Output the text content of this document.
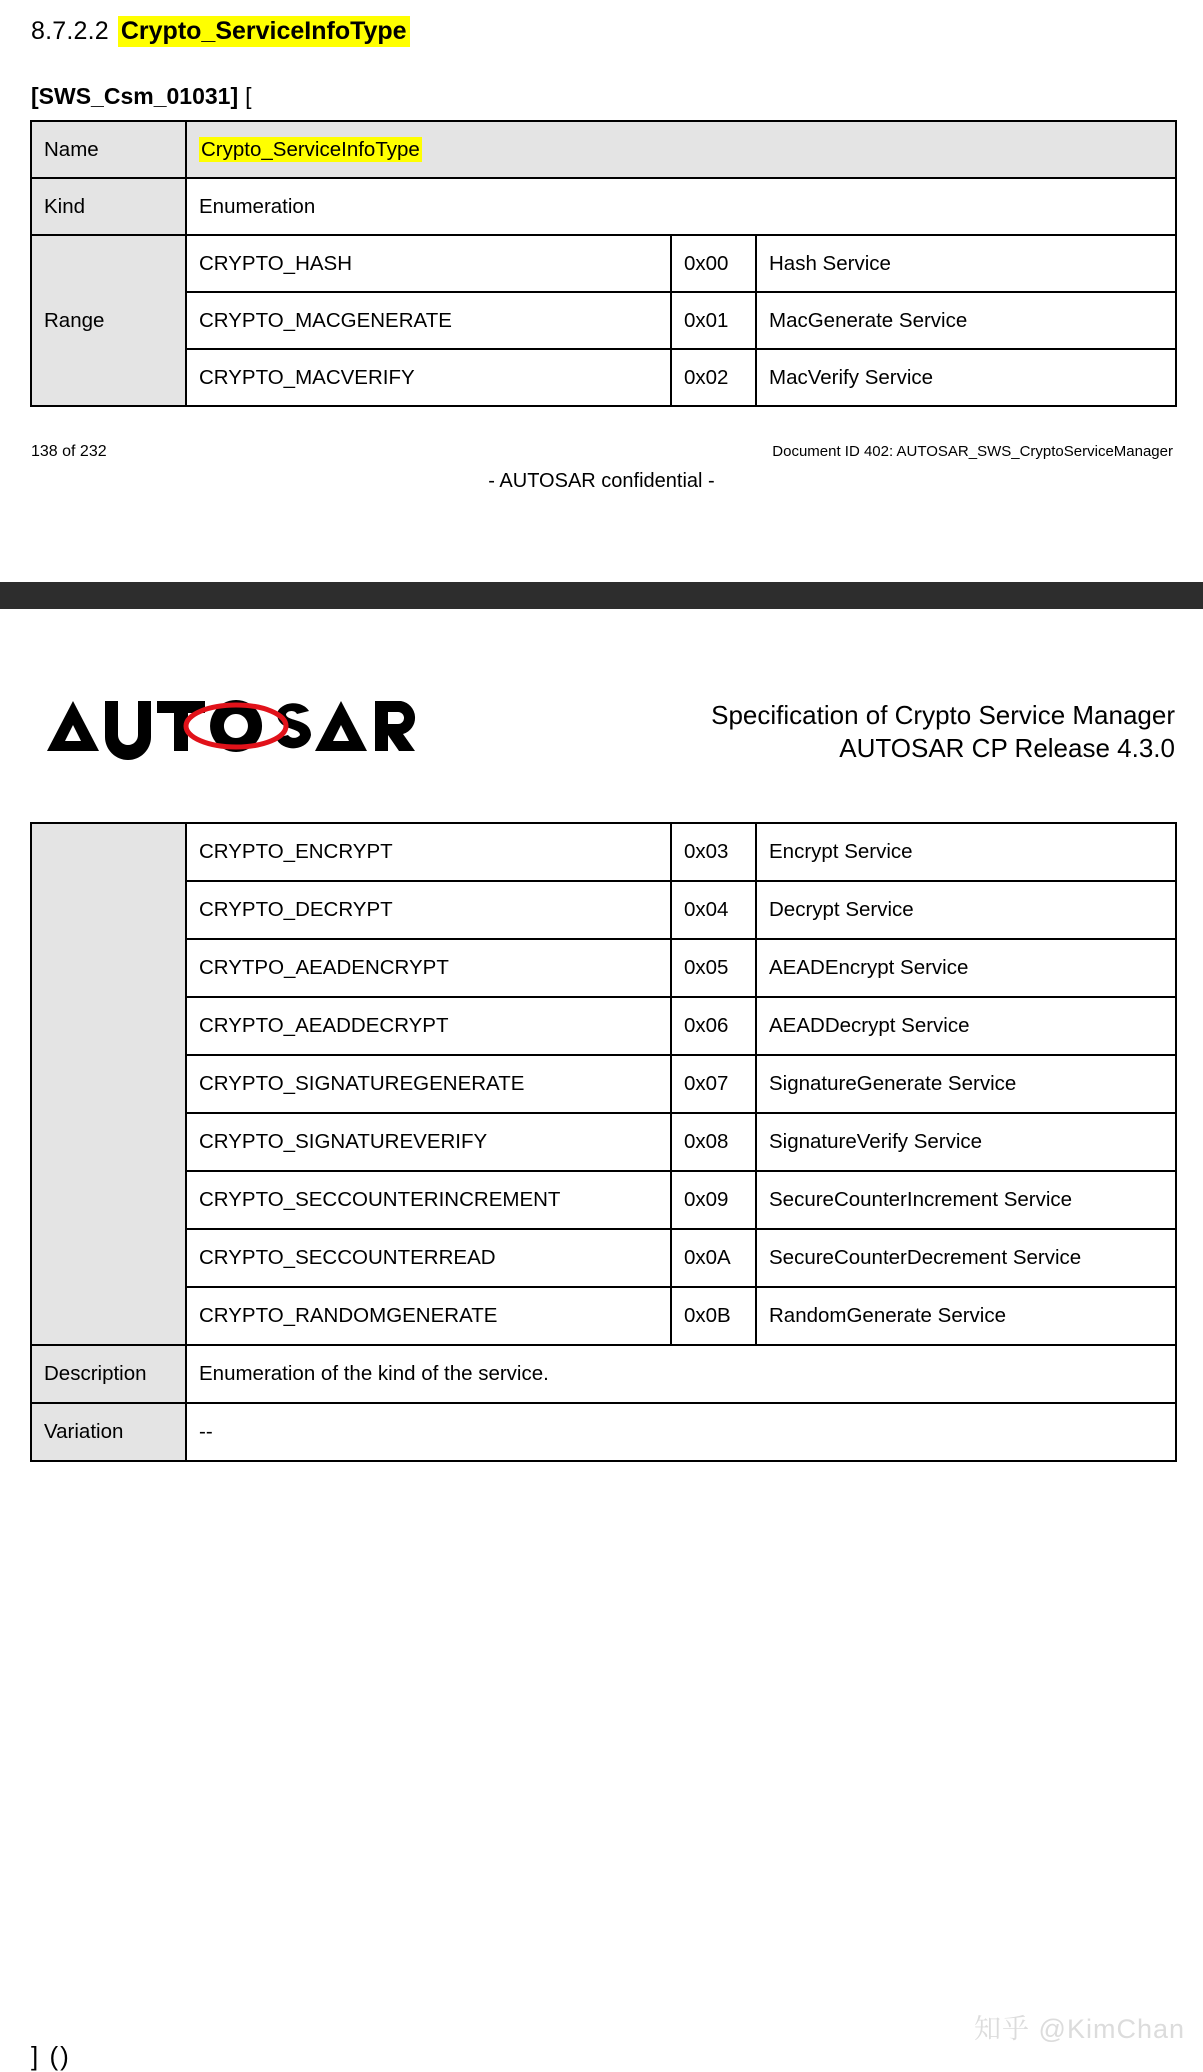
8.7.2.2 Crypto_ServiceInfoType
[SWS_Csm_01031] [
Name	Crypto_ServiceInfoType		
Kind	Enumeration		
Range	CRYPTO_HASH	0x00	Hash Service
	CRYPTO_MACGENERATE	0x01	MacGenerate Service
	CRYPTO_MACVERIFY	0x02	MacVerify Service
138 of 232	Document ID 402: AUTOSAR_SWS_CryptoServiceManager
- AUTOSAR confidential -
Specification of Crypto Service Manager
AUTOSAR CP Release 4.3.0
	CRYPTO_ENCRYPT	0x03	Encrypt Service
	CRYPTO_DECRYPT	0x04	Decrypt Service
	CRYTPO_AEADENCRYPT	0x05	AEADEncrypt Service
	CRYPTO_AEADDECRYPT	0x06	AEADDecrypt Service
	CRYPTO_SIGNATUREGENERATE	0x07	SignatureGenerate Service
	CRYPTO_SIGNATUREVERIFY	0x08	SignatureVerify Service
	CRYPTO_SECCOUNTERINCREMENT	0x09	SecureCounterIncrement Service
	CRYPTO_SECCOUNTERREAD	0x0A	SecureCounterDecrement Service
	CRYPTO_RANDOMGENERATE	0x0B	RandomGenerate Service
Description	Enumeration of the kind of the service.		
Variation	--		
] ()
知乎 @KimChan
